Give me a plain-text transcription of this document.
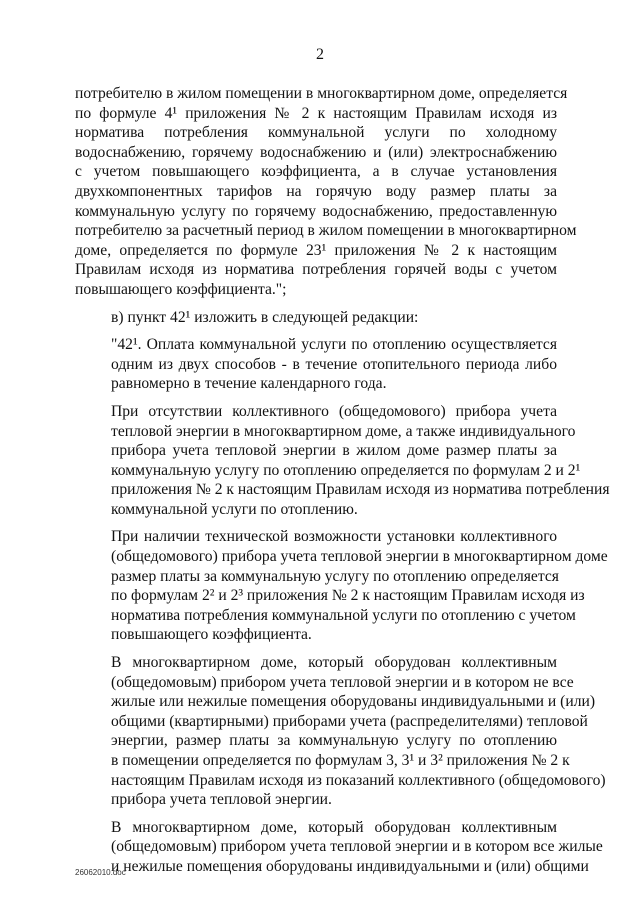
2
потребителю в жилом помещении в многоквартирном доме, определяется
по формуле 4¹ приложения № 2 к настоящим Правилам исходя из
норматива потребления коммунальной услуги по холодному
водоснабжению, горячему водоснабжению и (или) электроснабжению
с учетом повышающего коэффициента, а в случае установления
двухкомпонентных тарифов на горячую воду размер платы за
коммунальную услугу по горячему водоснабжению, предоставленную
потребителю за расчетный период в жилом помещении в многоквартирном
доме, определяется по формуле 23¹ приложения № 2 к настоящим
Правилам исходя из норматива потребления горячей воды с учетом
повышающего коэффициента.";
в) пункт 42¹ изложить в следующей редакции:
"42¹. Оплата коммунальной услуги по отоплению осуществляется
одним из двух способов - в течение отопительного периода либо
равномерно в течение календарного года.
При отсутствии коллективного (общедомового) прибора учета
тепловой энергии в многоквартирном доме, а также индивидуального
прибора учета тепловой энергии в жилом доме размер платы за
коммунальную услугу по отоплению определяется по формулам 2 и 2¹
приложения № 2 к настоящим Правилам исходя из норматива потребления
коммунальной услуги по отоплению.
При наличии технической возможности установки коллективного
(общедомового) прибора учета тепловой энергии в многоквартирном доме
размер платы за коммунальную услугу по отоплению определяется
по формулам 2² и 2³ приложения № 2 к настоящим Правилам исходя из
норматива потребления коммунальной услуги по отоплению с учетом
повышающего коэффициента.
В многоквартирном доме, который оборудован коллективным
(общедомовым) прибором учета тепловой энергии и в котором не все
жилые или нежилые помещения оборудованы индивидуальными и (или)
общими (квартирными) приборами учета (распределителями) тепловой
энергии, размер платы за коммунальную услугу по отоплению
в помещении определяется по формулам 3, 3¹ и 3² приложения № 2 к
настоящим Правилам исходя из показаний коллективного (общедомового)
прибора учета тепловой энергии.
В многоквартирном доме, который оборудован коллективным
(общедомовым) прибором учета тепловой энергии и в котором все жилые
и нежилые помещения оборудованы индивидуальными и (или) общими
26062010.doc
